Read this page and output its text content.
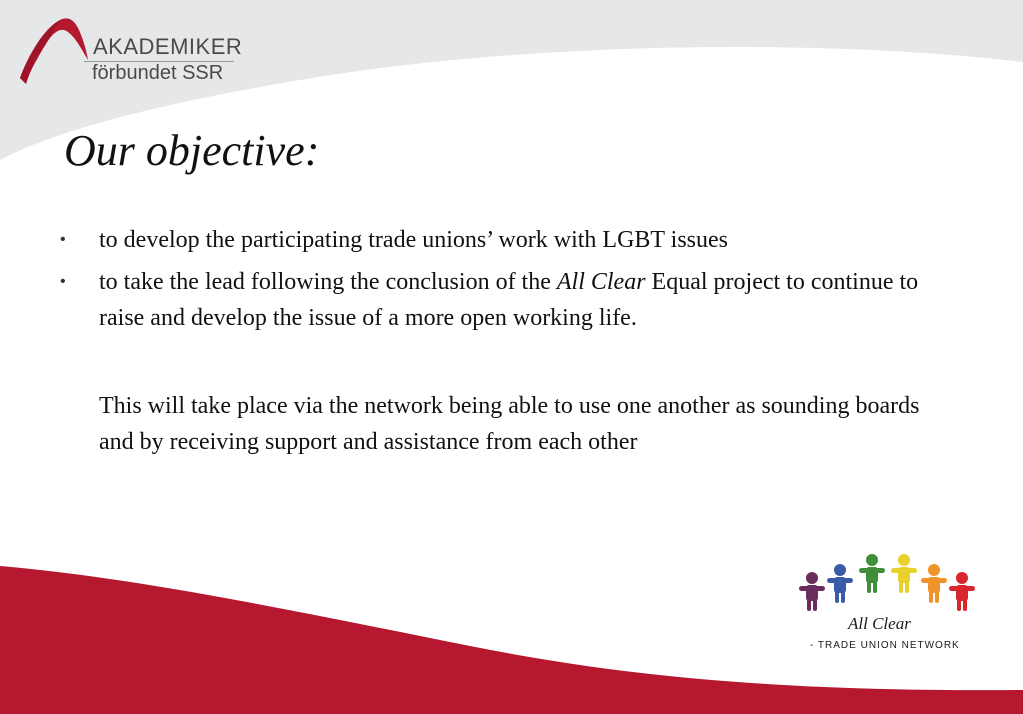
AKADEMIKER
förbundet SSR
Our objective:
• to develop the participating trade unions’ work with LGBT issues
• to take the lead following the conclusion of the All Clear Equal project to continue to raise and develop the issue of a more open working life.

This will take place via the network being able to use one another as sounding boards and by receiving support and assistance from each other

All Clear
- TRADE UNION NETWORK
